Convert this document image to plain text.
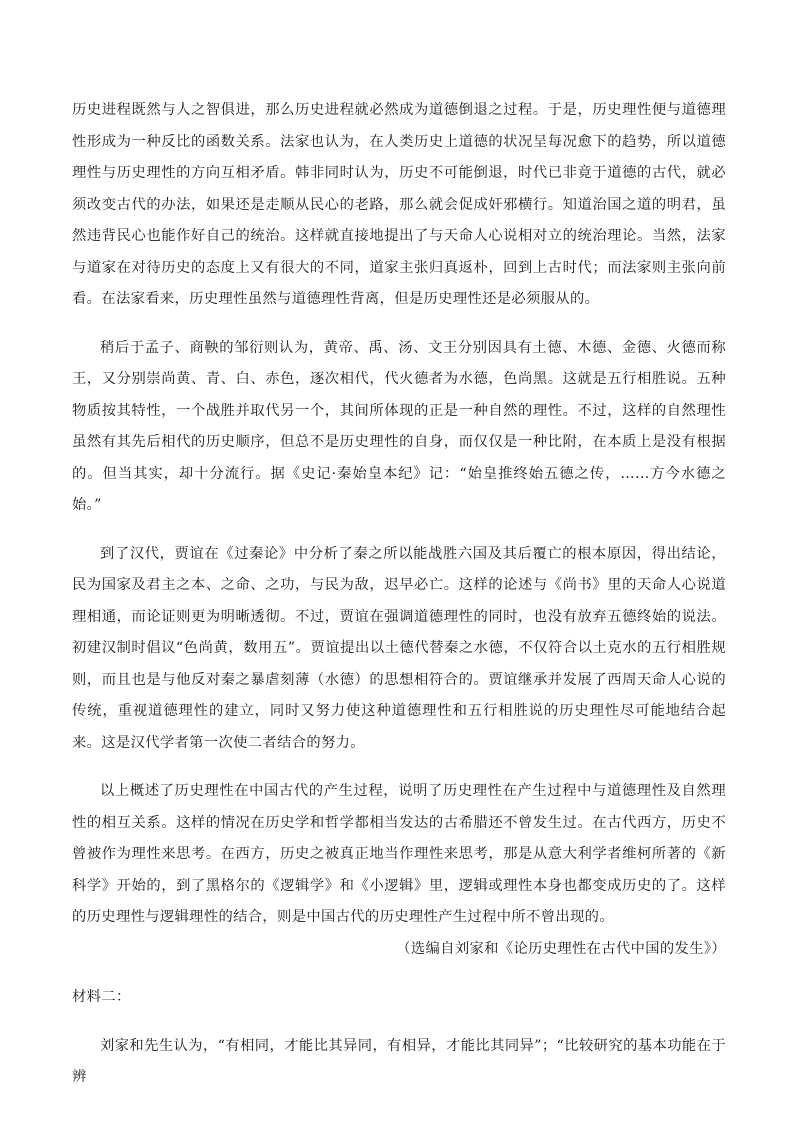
历史进程既然与人之智俱进，那么历史进程就必然成为道德倒退之过程。于是，历史理性便与道德理性形成为一种反比的函数关系。法家也认为，在人类历史上道德的状况呈每况愈下的趋势，所以道德理性与历史理性的方向互相矛盾。韩非同时认为，历史不可能倒退，时代已非竟于道德的古代，就必须改变古代的办法，如果还是走顺从民心的老路，那么就会促成奸邪横行。知道治国之道的明君，虽然违背民心也能作好自己的统治。这样就直接地提出了与天命人心说相对立的统治理论。当然，法家与道家在对待历史的态度上又有很大的不同，道家主张归真返朴，回到上古时代；而法家则主张向前看。在法家看来，历史理性虽然与道德理性背离，但是历史理性还是必须服从的。

稍后于孟子、商鞅的邹衍则认为，黄帝、禹、汤、文王分别因具有土德、木德、金德、火德而称王，又分别崇尚黄、青、白、赤色，逐次相代，代火德者为水德，色尚黑。这就是五行相胜说。五种物质按其特性，一个战胜并取代另一个，其间所体现的正是一种自然的理性。不过，这样的自然理性虽然有其先后相代的历史顺序，但总不是历史理性的自身，而仅仅是一种比附，在本质上是没有根据的。但当其实，却十分流行。据《史记·秦始皇本纪》记：“始皇推终始五德之传，……方今水德之始。”

到了汉代，贾谊在《过秦论》中分析了秦之所以能战胜六国及其后覆亡的根本原因，得出结论，民为国家及君主之本、之命、之功，与民为敌，迟早必亡。这样的论述与《尚书》里的天命人心说道理相通，而论证则更为明晰透彻。不过，贾谊在强调道德理性的同时，也没有放弃五德终始的说法。初建汉制时倡议“色尚黄，数用五”。贾谊提出以土德代替秦之水德，不仅符合以土克水的五行相胜规则，而且也是与他反对秦之暴虐刻薄（水德）的思想相符合的。贾谊继承并发展了西周天命人心说的传统，重视道德理性的建立，同时又努力使这种道德理性和五行相胜说的历史理性尽可能地结合起来。这是汉代学者第一次使二者结合的努力。

以上概述了历史理性在中国古代的产生过程，说明了历史理性在产生过程中与道德理性及自然理性的相互关系。这样的情况在历史学和哲学都相当发达的古希腊还不曾发生过。在古代西方，历史不曾被作为理性来思考。在西方，历史之被真正地当作理性来思考，那是从意大利学者维柯所著的《新科学》开始的，到了黑格尔的《逻辑学》和《小逻辑》里，逻辑或理性本身也都变成历史的了。这样的历史理性与逻辑理性的结合，则是中国古代的历史理性产生过程中所不曾出现的。

（选编自刘家和《论历史理性在古代中国的发生》）

材料二：

刘家和先生认为，“有相同，才能比其异同，有相异，才能比其同异”；“比较研究的基本功能在于辨
